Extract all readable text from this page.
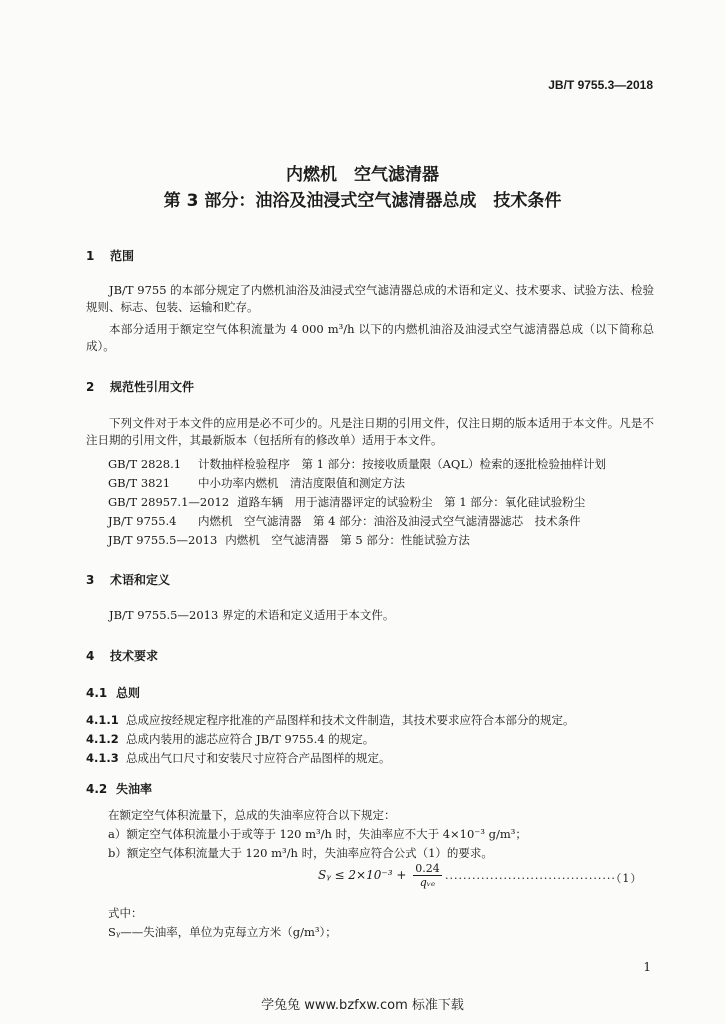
JB/T 9755.3—2018
内燃机　空气滤清器
第 3 部分：油浴及油浸式空气滤清器总成　技术条件
1 范围
JB/T 9755 的本部分规定了内燃机油浴及油浸式空气滤清器总成的术语和定义、技术要求、试验方法、检验规则、标志、包装、运输和贮存。
本部分适用于额定空气体积流量为 4 000 m³/h 以下的内燃机油浴及油浸式空气滤清器总成（以下简称总成）。
2 规范性引用文件
下列文件对于本文件的应用是必不可少的。凡是注日期的引用文件，仅注日期的版本适用于本文件。凡是不注日期的引用文件，其最新版本（包括所有的修改单）适用于本文件。
GB/T 2828.1 计数抽样检验程序　第 1 部分：按接收质量限（AQL）检索的逐批检验抽样计划
GB/T 3821 中小功率内燃机　清洁度限值和测定方法
GB/T 28957.1—2012 道路车辆　用于滤清器评定的试验粉尘　第 1 部分：氧化硅试验粉尘
JB/T 9755.4 内燃机　空气滤清器　第 4 部分：油浴及油浸式空气滤清器滤芯　技术条件
JB/T 9755.5—2013 内燃机　空气滤清器　第 5 部分：性能试验方法
3 术语和定义
JB/T 9755.5—2013 界定的术语和定义适用于本文件。
4 技术要求
4.1 总则
4.1.1 总成应按经规定程序批准的产品图样和技术文件制造，其技术要求应符合本部分的规定。
4.1.2 总成内装用的滤芯应符合 JB/T 9755.4 的规定。
4.1.3 总成出气口尺寸和安装尺寸应符合产品图样的规定。
4.2 失油率
在额定空气体积流量下，总成的失油率应符合以下规定：
a）额定空气体积流量小于或等于 120 m³/h 时，失油率应不大于 4×10⁻³ g/m³；
b）额定空气体积流量大于 120 m³/h 时，失油率应符合公式（1）的要求。
Sᵧ ≤ $2\times 10^{-3} + \frac{0.24}{\text{qᵥₑ}} \cdot\cdot\cdot\cdot\cdot\cdot\cdot\cdot\cdot\cdot\cdot\cdot\cdot\cdot\cdot\cdot\cdot\cdot\cdot\cdot\cdot\cdot\cdot\cdot\cdot\cdot\cdot\cdot\cdot\cdot\cdot\cdot\cdot\cdot\cdot\cdot\cdot\cdot(1)$
式中：
Sᵧ——失油率，单位为克每立方米（g/m³）；
1
学兔兔 www.bzfxw.com 标准下载
